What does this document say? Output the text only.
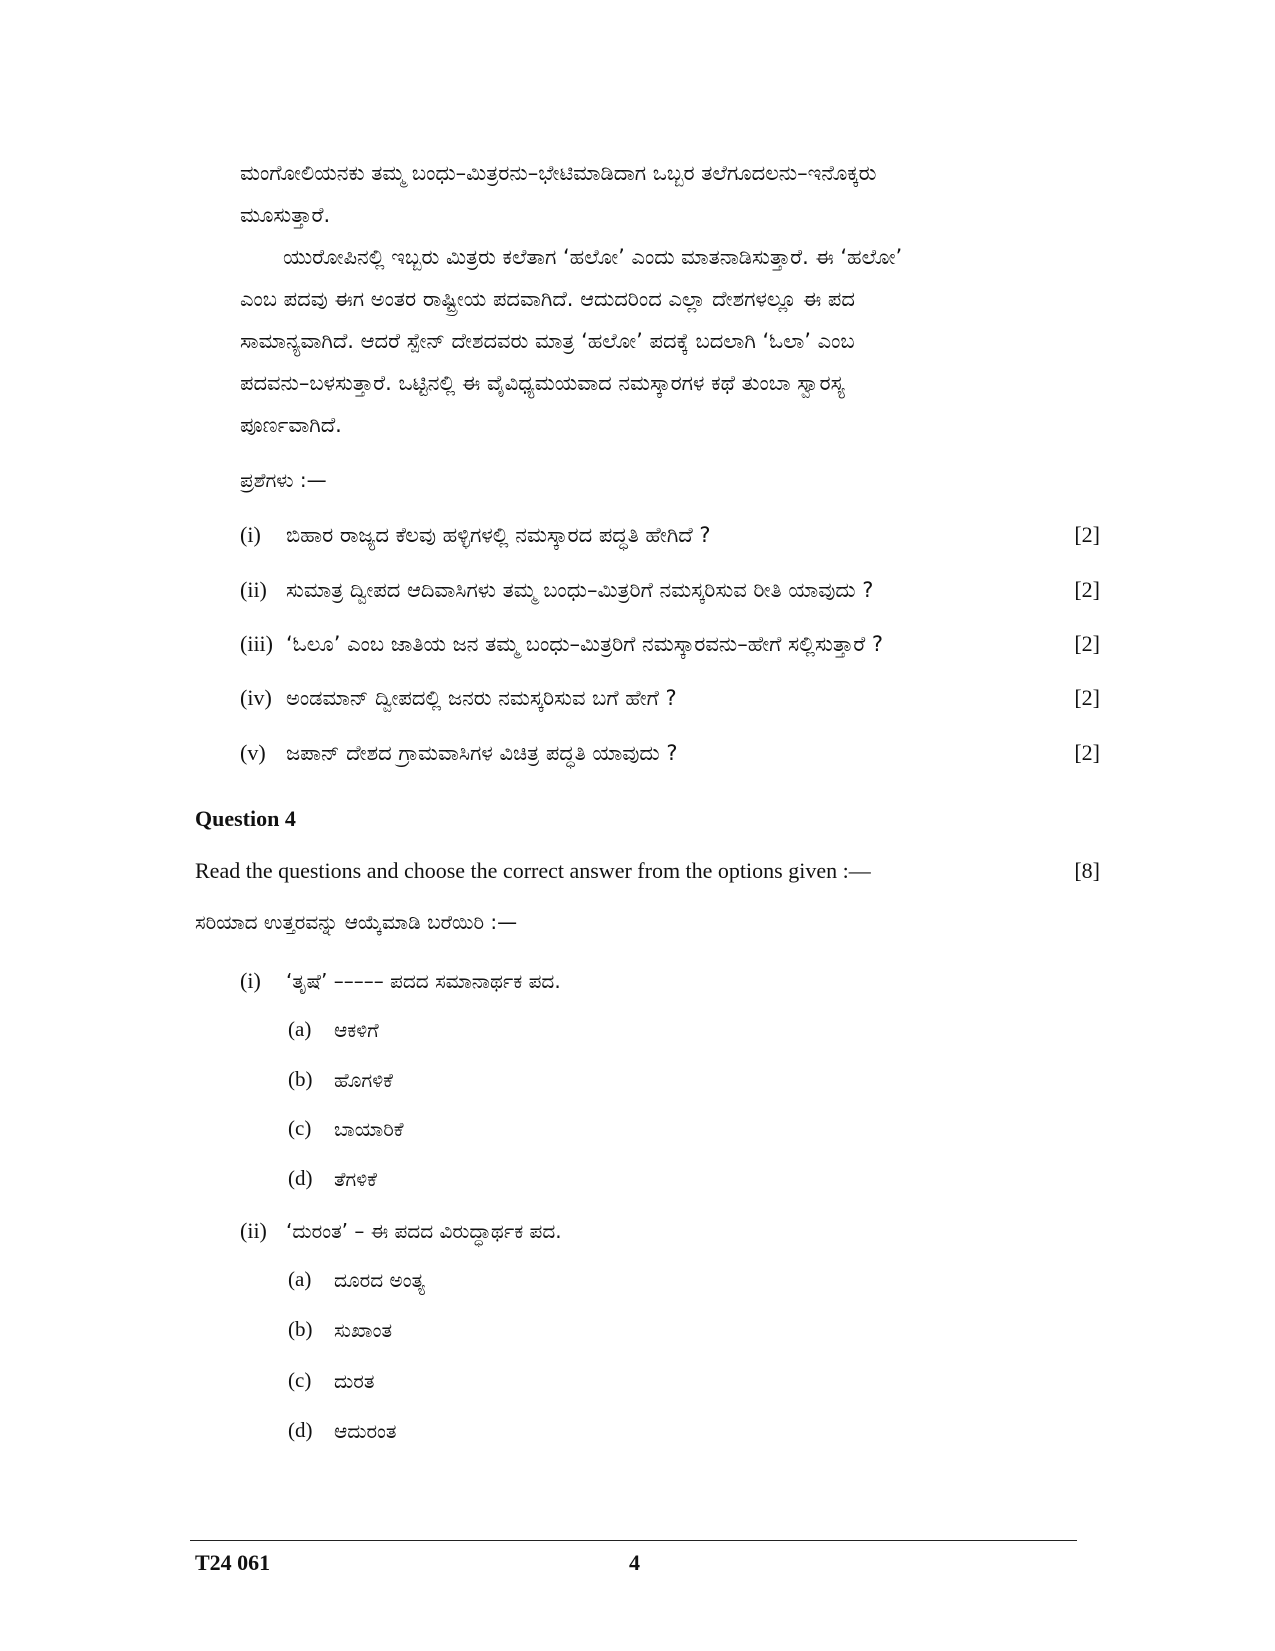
ಮಂಗೋಲಿಯನಕು ತಮ್ಮ ಬಂಧು–ಮಿತ್ರರನು–ಭೇಟಿಮಾಡಿದಾಗ ಒಬ್ಬರ ತಲೆಗೂದಲನು–ಇನೊಕ್ಕರು
ಮೂಸುತ್ತಾರೆ.
ಯುರೋಪಿನಲ್ಲಿ ಇಬ್ಬರು ಮಿತ್ರರು ಕಲೆತಾಗ ‘ಹಲೋ’ ಎಂದು ಮಾತನಾಡಿಸುತ್ತಾರೆ. ಈ ‘ಹಲೋ’
ಎಂಬ ಪದವು ಈಗ ಅಂತರ ರಾಷ್ಟ್ರೀಯ ಪದವಾಗಿದೆ. ಆದುದರಿಂದ ಎಲ್ಲಾ ದೇಶಗಳಲ್ಲೂ ಈ ಪದ
ಸಾಮಾನ್ಯವಾಗಿದೆ. ಆದರೆ ಸ್ಪೇನ್ ದೇಶದವರು ಮಾತ್ರ ‘ಹಲೋ’ ಪದಕ್ಕೆ ಬದಲಾಗಿ ‘ಓಲಾ’ ಎಂಬ
ಪದವನು–ಬಳಸುತ್ತಾರೆ. ಒಟ್ಟಿನಲ್ಲಿ ಈ ವೈವಿಧ್ಯಮಯವಾದ ನಮಸ್ಕಾರಗಳ ಕಥೆ ತುಂಬಾ ಸ್ವಾರಸ್ಯ
ಪೂರ್ಣವಾಗಿದೆ.
ಪ್ರಶೆಗಳು :—
(i) ಬಿಹಾರ ರಾಜ್ಯದ ಕೆಲವು ಹಳ್ಳಿಗಳಲ್ಲಿ ನಮಸ್ಕಾರದ ಪದ್ಧತಿ ಹೇಗಿದೆ ?	[2]
(ii) ಸುಮಾತ್ರ ದ್ವೀಪದ ಆದಿವಾಸಿಗಳು ತಮ್ಮ ಬಂಧು–ಮಿತ್ರರಿಗೆ ನಮಸ್ಕರಿಸುವ ರೀತಿ ಯಾವುದು ?	[2]
(iii) ‘ಓಲೂ’ ಎಂಬ ಜಾತಿಯ ಜನ ತಮ್ಮ ಬಂಧು–ಮಿತ್ರರಿಗೆ ನಮಸ್ಕಾರವನು–ಹೇಗೆ ಸಲ್ಲಿಸುತ್ತಾರೆ ?	[2]
(iv) ಅಂಡಮಾನ್ ದ್ವೀಪದಲ್ಲಿ ಜನರು ನಮಸ್ಕರಿಸುವ ಬಗೆ ಹೇಗೆ ?	[2]
(v) ಜಪಾನ್ ದೇಶದ ಗ್ರಾಮವಾಸಿಗಳ ವಿಚಿತ್ರ ಪದ್ಧತಿ ಯಾವುದು ?	[2]
Question 4
Read the questions and choose the correct answer from the options given :—	[8]
ಸರಿಯಾದ ಉತ್ತರವನ್ನು ಆಯ್ಕೆಮಾಡಿ ಬರೆಯಿರಿ :—
(i) ‘ತೃಷೆ’ ––––– ಪದದ ಸಮಾನಾರ್ಥಕ ಪದ.
(a) ಆಕಳಿಗೆ
(b) ಹೊಗಳಿಕೆ
(c) ಬಾಯಾರಿಕೆ
(d) ತೆಗಳಿಕೆ
(ii) ‘ದುರಂತ’ – ಈ ಪದದ ವಿರುದ್ಧಾರ್ಥಕ ಪದ.
(a) ದೂರದ ಅಂತ್ಯ
(b) ಸುಖಾಂತ
(c) ದುರತ
(d) ಆದುರಂತ
T24 061	4
